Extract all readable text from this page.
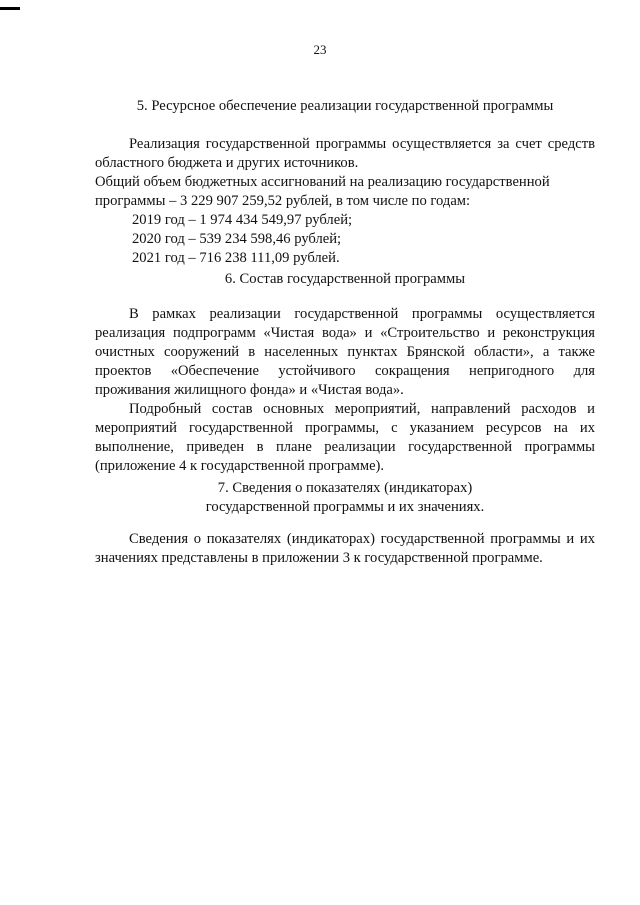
23
5. Ресурсное обеспечение реализации государственной программы
Реализация государственной программы осуществляется за счет средств
областного бюджета и других источников.
Общий объем бюджетных ассигнований на реализацию государственной
программы – 3 229 907 259,52 рублей, в том числе по годам:
2019 год – 1 974 434 549,97 рублей;
2020 год – 539 234 598,46 рублей;
2021 год – 716 238 111,09 рублей.
6. Состав государственной программы
В рамках реализации государственной программы осуществляется
реализация подпрограмм «Чистая вода» и «Строительство и реконструкция
очистных сооружений в населенных пунктах Брянской области», а также
проектов «Обеспечение устойчивого сокращения непригодного для
проживания жилищного фонда» и «Чистая вода».
Подробный состав основных мероприятий, направлений расходов и
мероприятий государственной программы, с указанием ресурсов на их
выполнение, приведен в плане реализации государственной программы
(приложение 4 к государственной программе).
7. Сведения о показателях (индикаторах)
государственной программы и их значениях.
Сведения о показателях (индикаторах) государственной программы и их
значениях представлены в приложении 3 к государственной программе.
